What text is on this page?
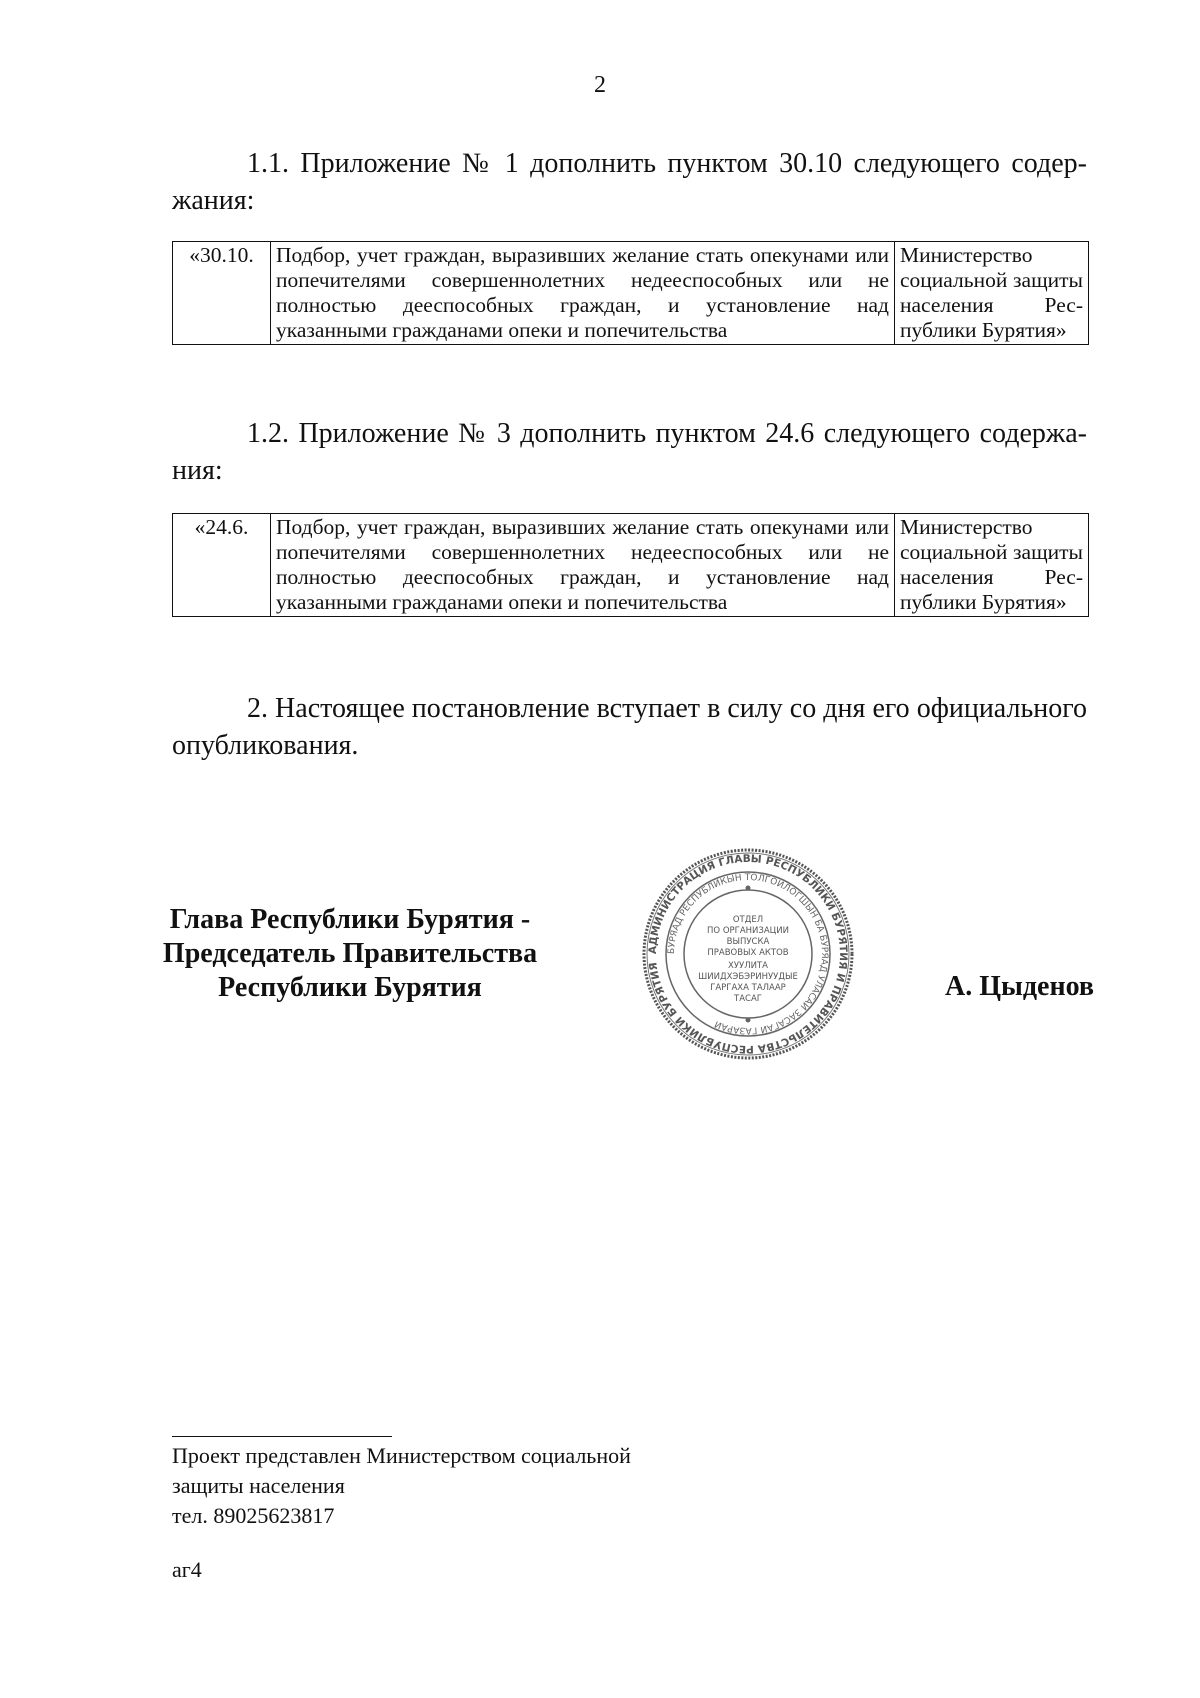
2

1.1. Приложение № 1 дополнить пунктом 30.10 следующего содержания:

«30.10.	Подбор, учет граждан, выразивших желание стать опекунами или попечителями совершеннолетних недееспособных или не полностью дееспособных граждан, и установление над указанными гражданами опеки и попечительства	Министерство социальной защиты населения Республики Бурятия»

1.2. Приложение № 3 дополнить пунктом 24.6 следующего содержания:

«24.6.	Подбор, учет граждан, выразивших желание стать опекунами или попечителями совершеннолетних недееспособных или не полностью дееспособных граждан, и установление над указанными гражданами опеки и попечительства	Министерство социальной защиты населения Республики Бурятия»

2. Настоящее постановление вступает в силу со дня его официального опубликования.

Глава Республики Бурятия -
Председатель Правительства
Республики Бурятия
АДМИНИСТРАЦИЯ ГЛАВЫ РЕСПУБЛИКИ БУРЯТИЯ И ПРАВИТЕЛЬСТВА РЕСПУБЛИКИ БУРЯТИЯ
БУРЯАД РЕСПУБЛИКЫН ТОЛГОЙЛОГШЫН БА БУРЯАД УЛАСАЙ ЗАСАГАЙ ГАЗАРАЙ
ОТДЕЛ
ПО ОРГАНИЗАЦИИ
ВЫПУСКА
ПРАВОВЫХ АКТОВ
ХУУЛИТА
ШИИДХЭБЭРИНУУДЫЕ
ГАРГАХА ТАЛААР
ТАСАГ	А. Цыденов
Проект представлен Министерством социальной
защиты населения
тел. 89025623817
аг4
